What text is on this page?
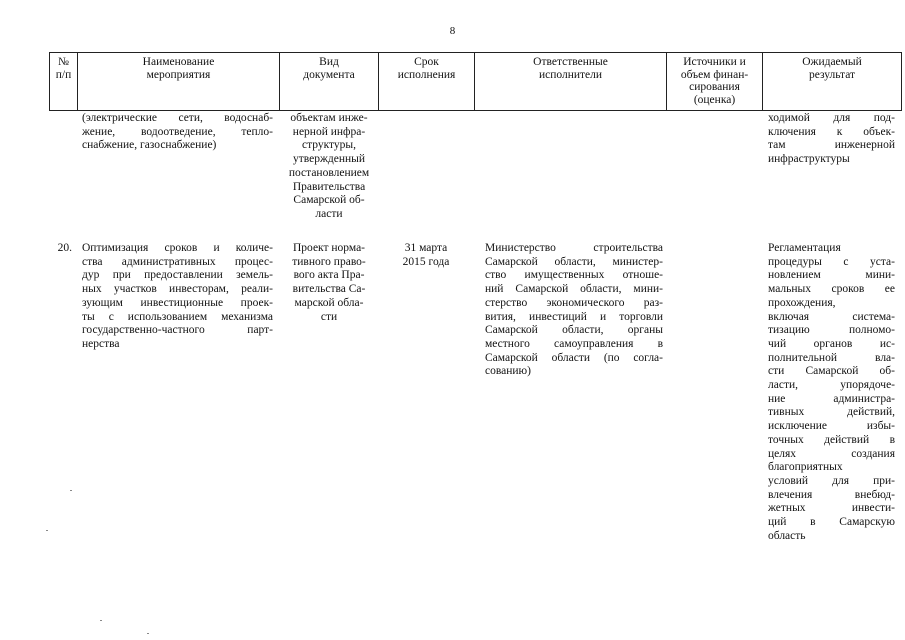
8
№
п/п
Наименование
мероприятия
Вид
документа
Срок
исполнения
Ответственные
исполнители
Источники и
объем финан-
сирования
(оценка)
Ожидаемый
результат
(электрические сети, водоснаб-
жение, водоотведение, тепло-
снабжение, газоснабжение)
объектам инже-
нерной инфра-
структуры,
утвержденный
постановлением
Правительства
Самарской об-
ласти
ходимой для под-
ключения к объек-
там инженерной
инфраструктуры
20. Оптимизация сроков и количе-
ства административных процес-
дур при предоставлении земель-
ных участков инвесторам, реали-
зующим инвестиционные проек-
ты с использованием механизма
государственно-частного парт-
нерства
Проект норма-
тивного право-
вого акта Пра-
вительства Са-
марской обла-
сти
31 марта
2015 года
Министерство строительства
Самарской области, министер-
ство имущественных отноше-
ний Самарской области, мини-
стерство экономического раз-
вития, инвестиций и торговли
Самарской области, органы
местного самоуправления в
Самарской области (по согла-
сованию)
Регламентация
процедуры с уста-
новлением мини-
мальных сроков ее
прохождения,
включая система-
тизацию полномо-
чий органов ис-
полнительной вла-
сти Самарской об-
ласти, упорядоче-
ние администра-
тивных действий,
исключение избы-
точных действий в
целях создания
благоприятных
условий для при-
влечения внебюд-
жетных инвести-
ций в Самарскую
область
